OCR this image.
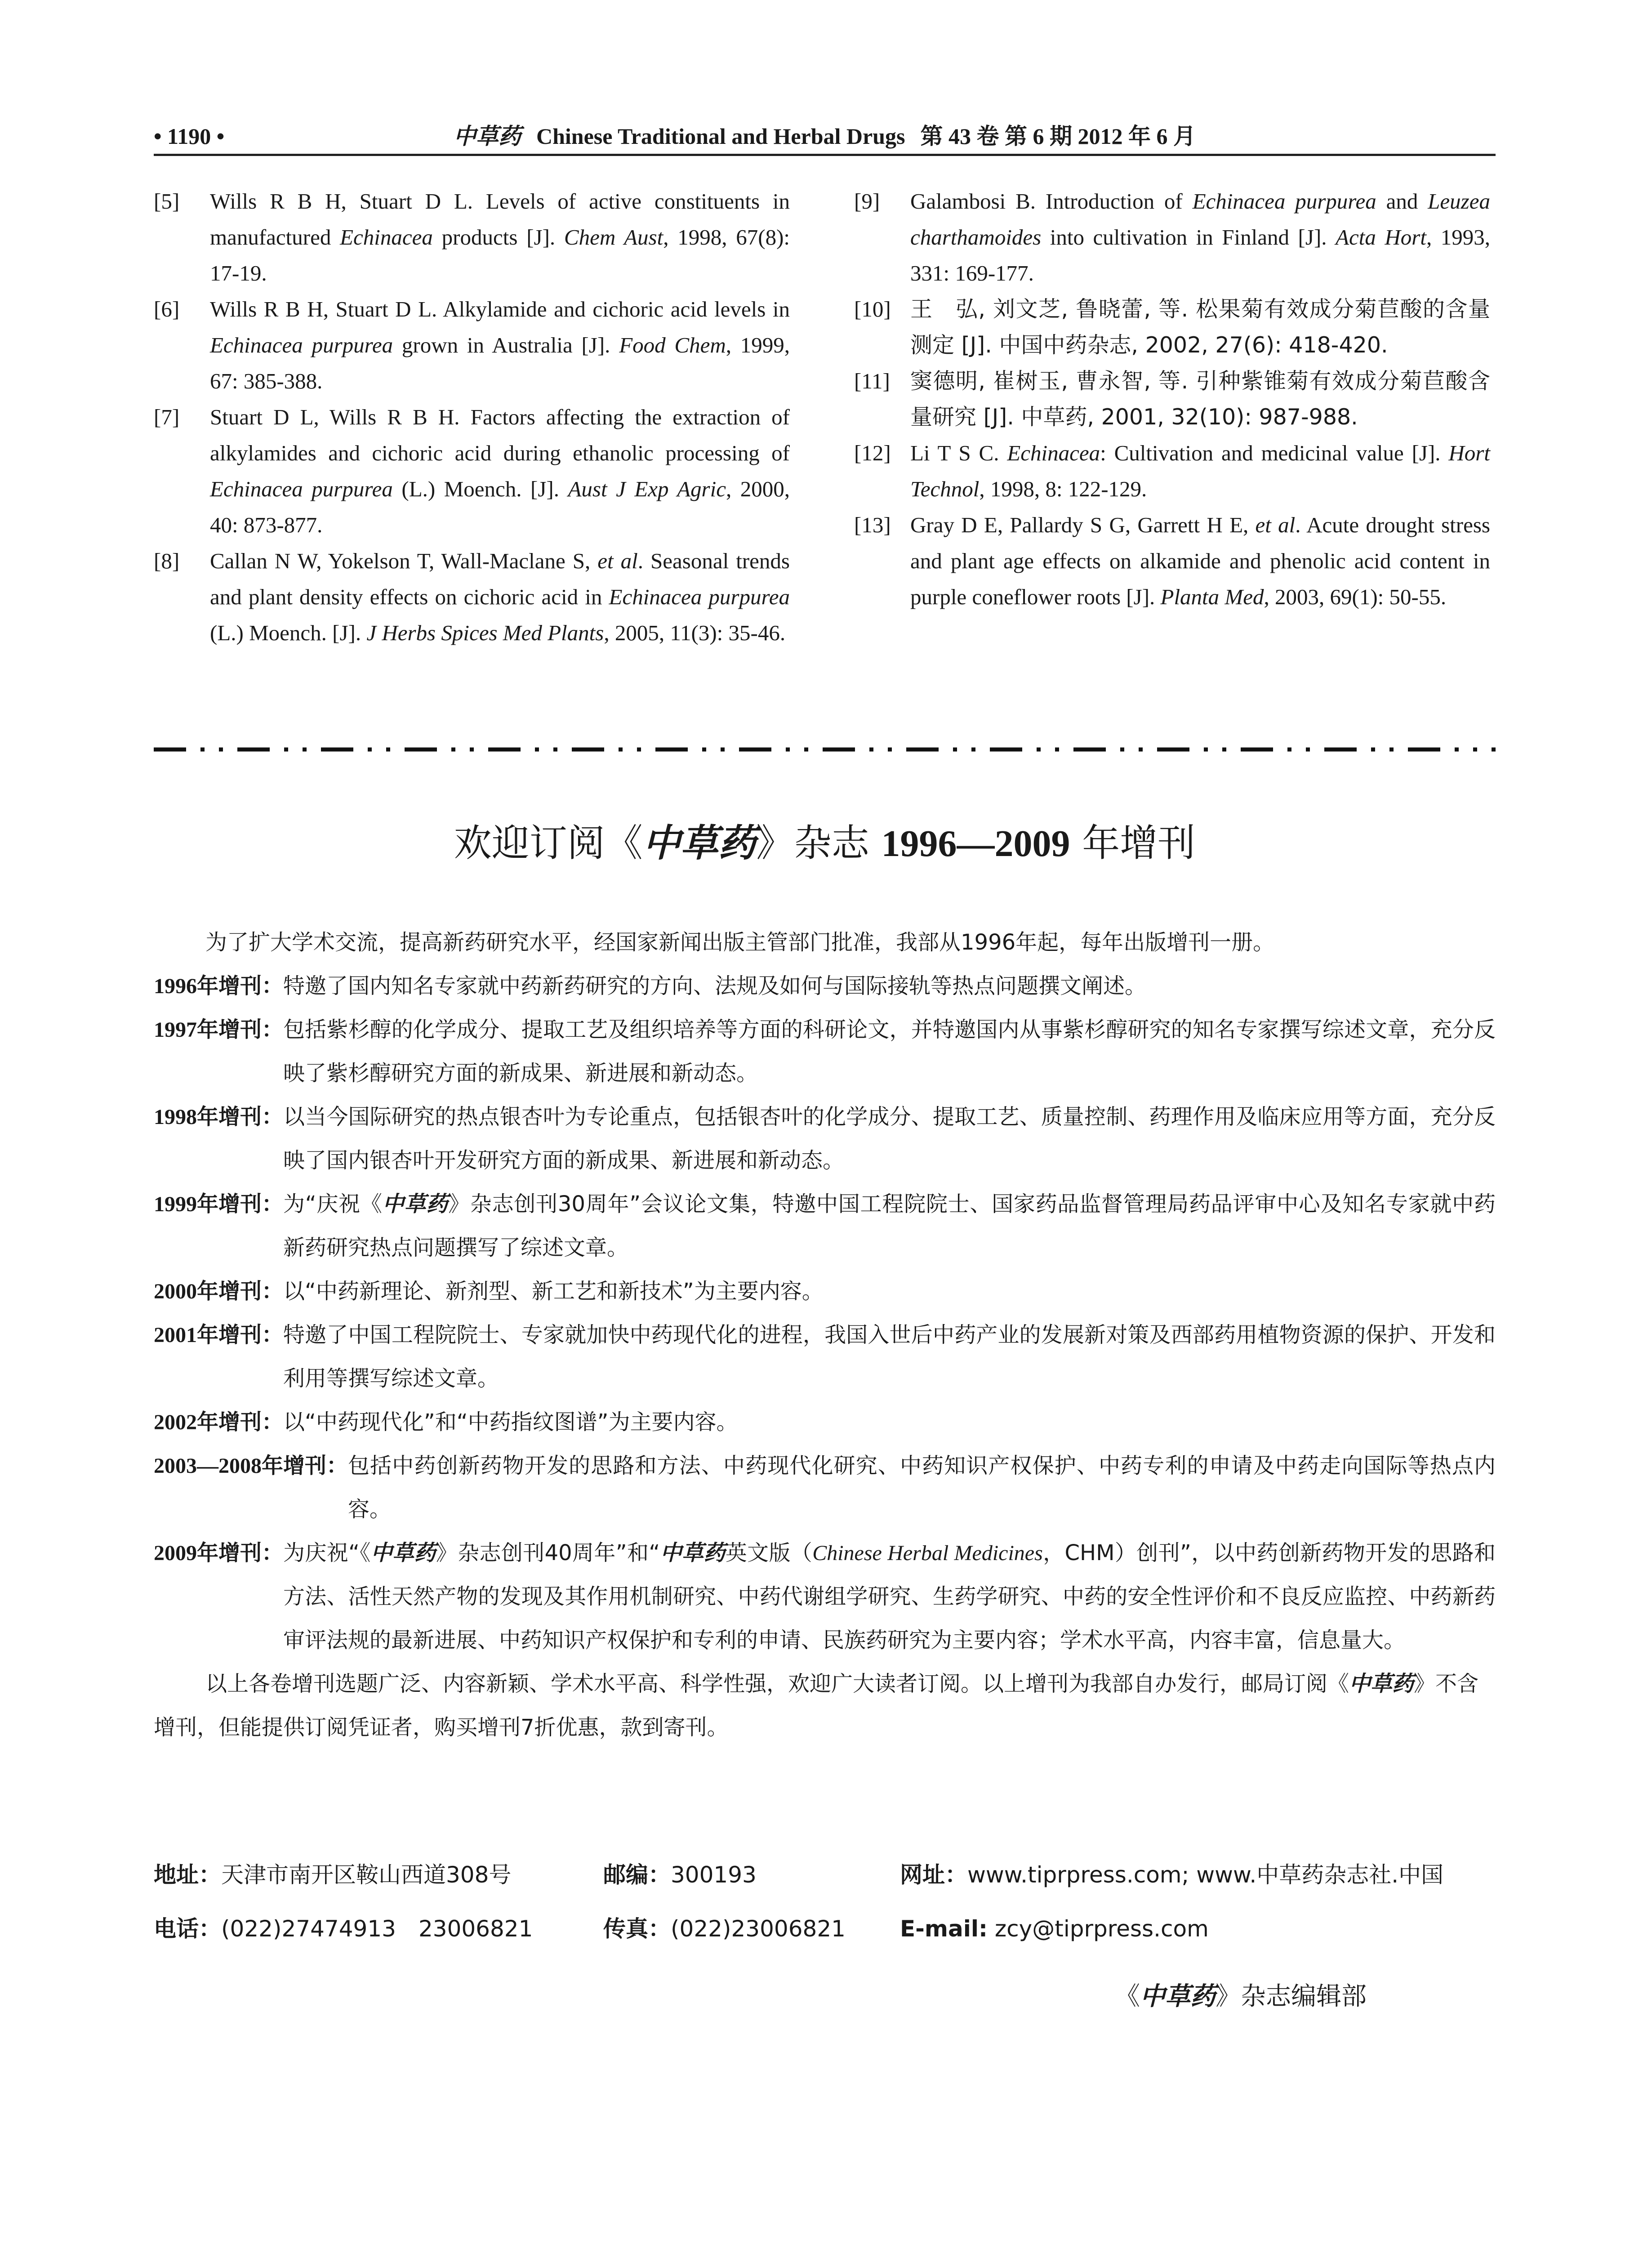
• 1190 •	中草药 Chinese Traditional and Herbal Drugs 第 43 卷 第 6 期 2012 年 6 月

[5] Wills R B H, Stuart D L. Levels of active constituents in manufactured Echinacea products [J]. Chem Aust, 1998, 67(8): 17-19.

[6] Wills R B H, Stuart D L. Alkylamide and cichoric acid levels in Echinacea purpurea grown in Australia [J]. Food Chem, 1999, 67: 385-388.

[7] Stuart D L, Wills R B H. Factors affecting the extraction of alkylamides and cichoric acid during ethanolic processing of Echinacea purpurea (L.) Moench. [J]. Aust J Exp Agric, 2000, 40: 873-877.

[8] Callan N W, Yokelson T, Wall-Maclane S, et al. Seasonal trends and plant density effects on cichoric acid in Echinacea purpurea (L.) Moench. [J]. J Herbs Spices Med Plants, 2005, 11(3): 35-46.

[9] Galambosi B. Introduction of Echinacea purpurea and Leuzea charthamoides into cultivation in Finland [J]. Acta Hort, 1993, 331: 169-177.

[10] 王　弘, 刘文芝, 鲁晓蕾, 等. 松果菊有效成分菊苣酸的含量测定 [J]. 中国中药杂志, 2002, 27(6): 418-420.

[11] 窦德明, 崔树玉, 曹永智, 等. 引种紫锥菊有效成分菊苣酸含量研究 [J]. 中草药, 2001, 32(10): 987-988.

[12] Li T S C. Echinacea: Cultivation and medicinal value [J]. Hort Technol, 1998, 8: 122-129.

[13] Gray D E, Pallardy S G, Garrett H E, et al. Acute drought stress and plant age effects on alkamide and phenolic acid content in purple coneflower roots [J]. Planta Med, 2003, 69(1): 50-55.

欢迎订阅《中草药》杂志 1996—2009 年增刊

为了扩大学术交流，提高新药研究水平，经国家新闻出版主管部门批准，我部从1996年起，每年出版增刊一册。

1996年增刊： 特邀了国内知名专家就中药新药研究的方向、法规及如何与国际接轨等热点问题撰文阐述。
1997年增刊： 包括紫杉醇的化学成分、提取工艺及组织培养等方面的科研论文，并特邀国内从事紫杉醇研究的知名专家撰写综述文章，充分反映了紫杉醇研究方面的新成果、新进展和新动态。
1998年增刊： 以当今国际研究的热点银杏叶为专论重点，包括银杏叶的化学成分、提取工艺、质量控制、药理作用及临床应用等方面，充分反映了国内银杏叶开发研究方面的新成果、新进展和新动态。
1999年增刊： 为“庆祝《中草药》杂志创刊30周年”会议论文集，特邀中国工程院院士、国家药品监督管理局药品评审中心及知名专家就中药新药研究热点问题撰写了综述文章。
2000年增刊： 以“中药新理论、新剂型、新工艺和新技术”为主要内容。
2001年增刊： 特邀了中国工程院院士、专家就加快中药现代化的进程，我国入世后中药产业的发展新对策及西部药用植物资源的保护、开发和利用等撰写综述文章。
2002年增刊： 以“中药现代化”和“中药指纹图谱”为主要内容。
2003—2008年增刊： 包括中药创新药物开发的思路和方法、中药现代化研究、中药知识产权保护、中药专利的申请及中药走向国际等热点内容。
2009年增刊： 为庆祝“《中草药》杂志创刊40周年”和“中草药英文版（Chinese Herbal Medicines，CHM）创刊”，以中药创新药物开发的思路和方法、活性天然产物的发现及其作用机制研究、中药代谢组学研究、生药学研究、中药的安全性评价和不良反应监控、中药新药审评法规的最新进展、中药知识产权保护和专利的申请、民族药研究为主要内容；学术水平高，内容丰富，信息量大。

以上各卷增刊选题广泛、内容新颖、学术水平高、科学性强，欢迎广大读者订阅。以上增刊为我部自办发行，邮局订阅《中草药》不含增刊，但能提供订阅凭证者，购买增刊7折优惠，款到寄刊。

地址：天津市南开区鞍山西道308号	邮编：300193	网址：www.tiprpress.com; www.中草药杂志社.中国
电话：(022)27474913　23006821	传真：(022)23006821 E-mail: zcy@tiprpress.com
《中草药》杂志编辑部
